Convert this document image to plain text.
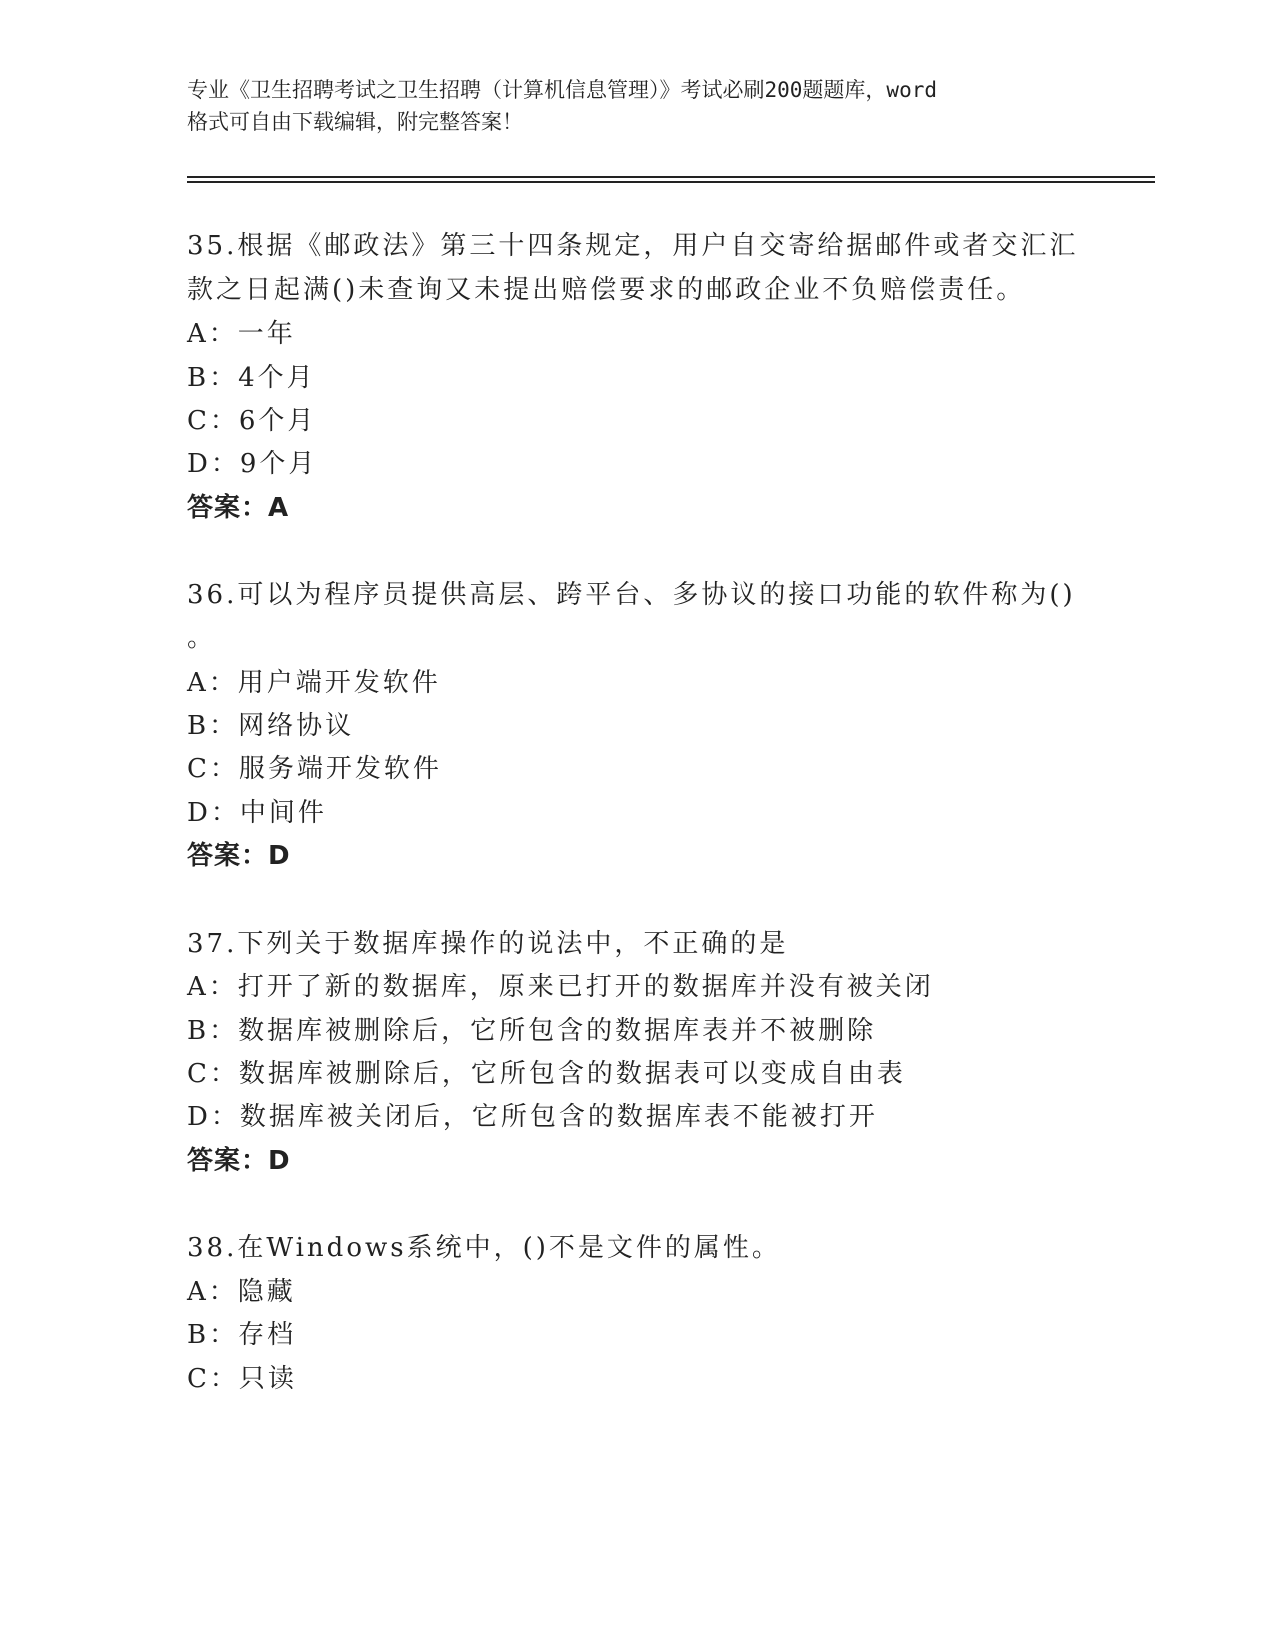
专业《卫生招聘考试之卫生招聘（计算机信息管理）》考试必刷200题题库，word
格式可自由下载编辑，附完整答案！
35.根据《邮政法》第三十四条规定，用户自交寄给据邮件或者交汇汇
款之日起满()未查询又未提出赔偿要求的邮政企业不负赔偿责任。
A：一年
B：4个月
C：6个月
D：9个月
答案：A
36.可以为程序员提供高层、跨平台、多协议的接口功能的软件称为()
。
A：用户端开发软件
B：网络协议
C：服务端开发软件
D：中间件
答案：D
37.下列关于数据库操作的说法中，不正确的是
A：打开了新的数据库，原来已打开的数据库并没有被关闭
B：数据库被删除后，它所包含的数据库表并不被删除
C：数据库被删除后，它所包含的数据表可以变成自由表
D：数据库被关闭后，它所包含的数据库表不能被打开
答案：D
38.在Windows系统中，()不是文件的属性。
A：隐藏
B：存档
C：只读
